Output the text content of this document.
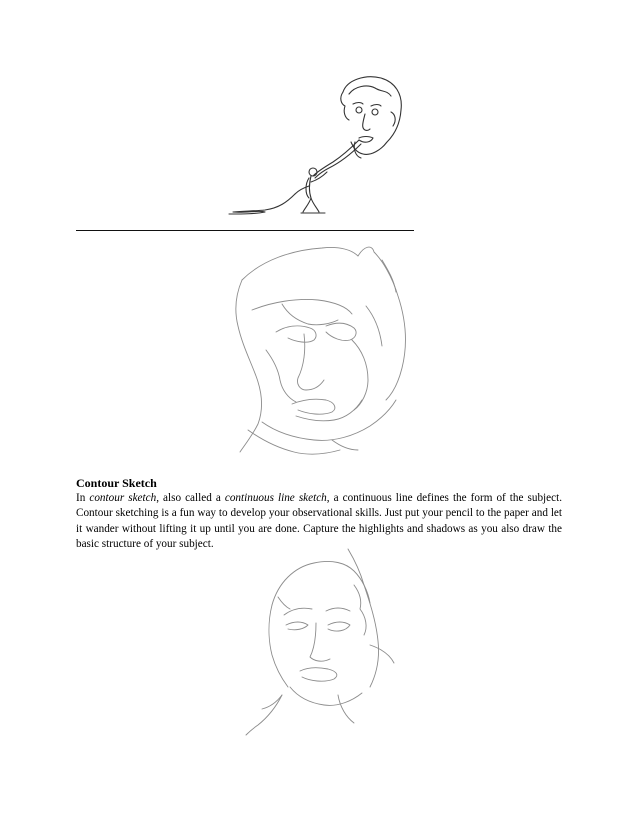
Contour Sketch

In contour sketch, also called a continuous line sketch, a continuous line defines the form of the subject. Contour sketching is a fun way to develop your observational skills. Just put your pencil to the paper and let it wander without lifting it up until you are done. Capture the highlights and shadows as you also draw the basic structure of your subject.
